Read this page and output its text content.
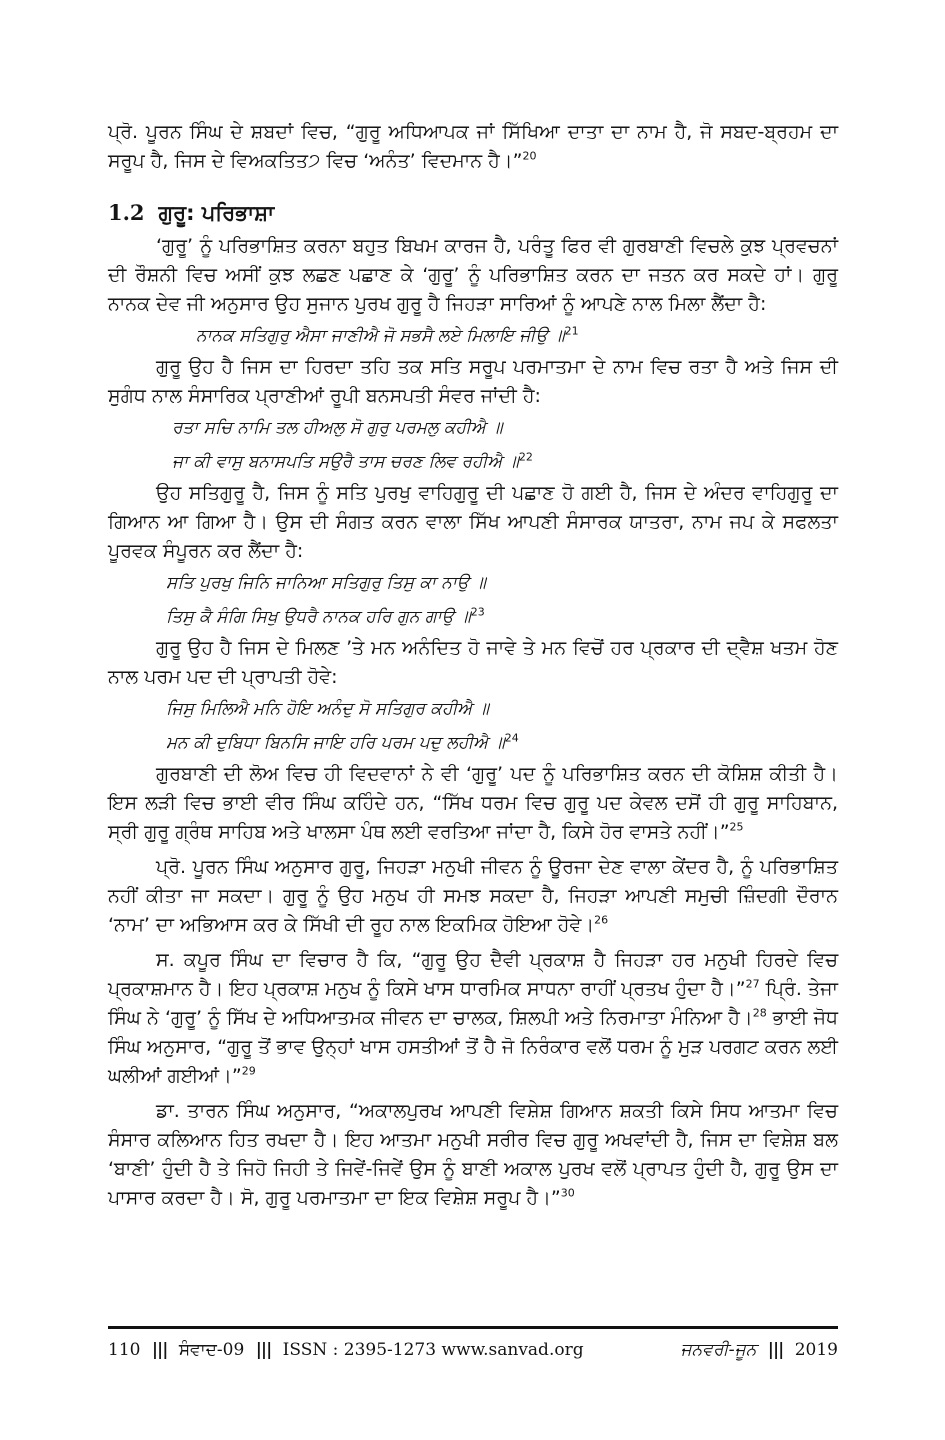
ਪ੍ਰੋ. ਪੂਰਨ ਸਿੰਘ ਦੇ ਸ਼ਬਦਾਂ ਵਿਚ, “ਗੁਰੂ ਅਧਿਆਪਕ ਜਾਂ ਸਿੱਖਿਆ ਦਾਤਾ ਦਾ ਨਾਮ ਹੈ, ਜੋ ਸਬਦ-ਬ੍ਰਹਮ ਦਾ ਸਰੂਪ ਹੈ, ਜਿਸ ਦੇ ਵਿਅਕਤਿਤ੭ ਵਿਚ ‘ਅਨੰਤ’ ਵਿਦਮਾਨ ਹੈ।”$^{20}$

1.2 ਗੁਰੂ: ਪਰਿਭਾਸ਼ਾ

‘ਗੁਰੂ’ ਨੂੰ ਪਰਿਭਾਸ਼ਿਤ ਕਰਨਾ ਬਹੁਤ ਬਿਖਮ ਕਾਰਜ ਹੈ, ਪਰੰਤੂ ਫਿਰ ਵੀ ਗੁਰਬਾਣੀ ਵਿਚਲੇ ਕੁਝ ਪ੍ਰਵਚਨਾਂ ਦੀ ਰੌਸ਼ਨੀ ਵਿਚ ਅਸੀਂ ਕੁਝ ਲਛਣ ਪਛਾਣ ਕੇ ‘ਗੁਰੂ’ ਨੂੰ ਪਰਿਭਾਸ਼ਿਤ ਕਰਨ ਦਾ ਜਤਨ ਕਰ ਸਕਦੇ ਹਾਂ। ਗੁਰੂ ਨਾਨਕ ਦੇਵ ਜੀ ਅਨੁਸਾਰ ਉਹ ਸੁਜਾਨ ਪੁਰਖ ਗੁਰੂ ਹੈ ਜਿਹੜਾ ਸਾਰਿਆਂ ਨੂੰ ਆਪਣੇ ਨਾਲ ਮਿਲਾ ਲੈਂਦਾ ਹੈ:

ਨਾਨਕ ਸਤਿਗੁਰੁ ਐਸਾ ਜਾਣੀਐ ਜੋ ਸਭਸੈ ਲਏ ਮਿਲਾਇ ਜੀਉ ॥$^{21}$

ਗੁਰੂ ਉਹ ਹੈ ਜਿਸ ਦਾ ਹਿਰਦਾ ਤਹਿ ਤਕ ਸਤਿ ਸਰੂਪ ਪਰਮਾਤਮਾ ਦੇ ਨਾਮ ਵਿਚ ਰਤਾ ਹੈ ਅਤੇ ਜਿਸ ਦੀ ਸੁਗੰਧ ਨਾਲ ਸੰਸਾਰਿਕ ਪ੍ਰਾਣੀਆਂ ਰੂਪੀ ਬਨਸਪਤੀ ਸੰਵਰ ਜਾਂਦੀ ਹੈ:

ਰਤਾ ਸਚਿ ਨਾਮਿ ਤਲ ਹੀਅਲੁ ਸੋ ਗੁਰੁ ਪਰਮਲੁ ਕਹੀਐ ॥

ਜਾ ਕੀ ਵਾਸੁ ਬਨਾਸਪਤਿ ਸਉਰੈ ਤਾਸ ਚਰਣ ਲਿਵ ਰਹੀਐ ॥$^{22}$

ਉਹ ਸਤਿਗੁਰੂ ਹੈ, ਜਿਸ ਨੂੰ ਸਤਿ ਪੁਰਖੁ ਵਾਹਿਗੁਰੂ ਦੀ ਪਛਾਣ ਹੋ ਗਈ ਹੈ, ਜਿਸ ਦੇ ਅੰਦਰ ਵਾਹਿਗੁਰੂ ਦਾ ਗਿਆਨ ਆ ਗਿਆ ਹੈ। ਉਸ ਦੀ ਸੰਗਤ ਕਰਨ ਵਾਲਾ ਸਿੱਖ ਆਪਣੀ ਸੰਸਾਰਕ ਯਾਤਰਾ, ਨਾਮ ਜਪ ਕੇ ਸਫਲਤਾ ਪੂਰਵਕ ਸੰਪੂਰਨ ਕਰ ਲੈਂਦਾ ਹੈ:

ਸਤਿ ਪੁਰਖੁ ਜਿਨਿ ਜਾਨਿਆ ਸਤਿਗੁਰੁ ਤਿਸੁ ਕਾ ਨਾਉ ॥

ਤਿਸੁ ਕੈ ਸੰਗਿ ਸਿਖੁ ਉਧਰੈ ਨਾਨਕ ਹਰਿ ਗੁਨ ਗਾਉ ॥$^{23}$

ਗੁਰੂ ਉਹ ਹੈ ਜਿਸ ਦੇ ਮਿਲਣ ’ਤੇ ਮਨ ਅਨੰਦਿਤ ਹੋ ਜਾਵੇ ਤੇ ਮਨ ਵਿਚੋਂ ਹਰ ਪ੍ਰਕਾਰ ਦੀ ਦ੍ਵੈਸ਼ ਖਤਮ ਹੋਣ ਨਾਲ ਪਰਮ ਪਦ ਦੀ ਪ੍ਰਾਪਤੀ ਹੋਵੇ:

ਜਿਸੁ ਮਿਲਿਐ ਮਨਿ ਹੋਇ ਅਨੰਦੁ ਸੋ ਸਤਿਗੁਰ ਕਹੀਐ ॥

ਮਨ ਕੀ ਦੁਬਿਧਾ ਬਿਨਸਿ ਜਾਇ ਹਰਿ ਪਰਮ ਪਦੁ ਲਹੀਐ ॥$^{24}$

ਗੁਰਬਾਣੀ ਦੀ ਲੋਅ ਵਿਚ ਹੀ ਵਿਦਵਾਨਾਂ ਨੇ ਵੀ ‘ਗੁਰੂ’ ਪਦ ਨੂੰ ਪਰਿਭਾਸ਼ਿਤ ਕਰਨ ਦੀ ਕੋਸ਼ਿਸ਼ ਕੀਤੀ ਹੈ। ਇਸ ਲੜੀ ਵਿਚ ਭਾਈ ਵੀਰ ਸਿੰਘ ਕਹਿੰਦੇ ਹਨ, “ਸਿੱਖ ਧਰਮ ਵਿਚ ਗੁਰੂ ਪਦ ਕੇਵਲ ਦਸੋਂ ਹੀ ਗੁਰੂ ਸਾਹਿਬਾਨ, ਸ੍ਰੀ ਗੁਰੂ ਗ੍ਰੰਥ ਸਾਹਿਬ ਅਤੇ ਖਾਲਸਾ ਪੰਥ ਲਈ ਵਰਤਿਆ ਜਾਂਦਾ ਹੈ, ਕਿਸੇ ਹੋਰ ਵਾਸਤੇ ਨਹੀਂ।”$^{25}$

ਪ੍ਰੋ. ਪੂਰਨ ਸਿੰਘ ਅਨੁਸਾਰ ਗੁਰੂ, ਜਿਹੜਾ ਮਨੁਖੀ ਜੀਵਨ ਨੂੰ ਊਰਜਾ ਦੇਣ ਵਾਲਾ ਕੇਂਦਰ ਹੈ, ਨੂੰ ਪਰਿਭਾਸ਼ਿਤ ਨਹੀਂ ਕੀਤਾ ਜਾ ਸਕਦਾ। ਗੁਰੂ ਨੂੰ ਉਹ ਮਨੁਖ ਹੀ ਸਮਝ ਸਕਦਾ ਹੈ, ਜਿਹੜਾ ਆਪਣੀ ਸਮੁਚੀ ਜ਼ਿੰਦਗੀ ਦੌਰਾਨ ‘ਨਾਮ’ ਦਾ ਅਭਿਆਸ ਕਰ ਕੇ ਸਿੱਖੀ ਦੀ ਰੂਹ ਨਾਲ ਇਕਮਿਕ ਹੋਇਆ ਹੋਵੇ।$^{26}$

ਸ. ਕਪੂਰ ਸਿੰਘ ਦਾ ਵਿਚਾਰ ਹੈ ਕਿ, “ਗੁਰੂ ਉਹ ਦੈਵੀ ਪ੍ਰਕਾਸ਼ ਹੈ ਜਿਹੜਾ ਹਰ ਮਨੁਖੀ ਹਿਰਦੇ ਵਿਚ ਪ੍ਰਕਾਸ਼ਮਾਨ ਹੈ। ਇਹ ਪ੍ਰਕਾਸ਼ ਮਨੁਖ ਨੂੰ ਕਿਸੇ ਖਾਸ ਧਾਰਮਿਕ ਸਾਧਨਾ ਰਾਹੀਂ ਪ੍ਰਤਖ ਹੁੰਦਾ ਹੈ।”$^{27}$ ਪ੍ਰਿੰ. ਤੇਜਾ ਸਿੰਘ ਨੇ ‘ਗੁਰੂ’ ਨੂੰ ਸਿੱਖ ਦੇ ਅਧਿਆਤਮਕ ਜੀਵਨ ਦਾ ਚਾਲਕ, ਸ਼ਿਲਪੀ ਅਤੇ ਨਿਰਮਾਤਾ ਮੰਨਿਆ ਹੈ।$^{28}$ ਭਾਈ ਜੋਧ ਸਿੰਘ ਅਨੁਸਾਰ, “ਗੁਰੂ ਤੋਂ ਭਾਵ ਉਨ੍ਹਾਂ ਖਾਸ ਹਸਤੀਆਂ ਤੋਂ ਹੈ ਜੋ ਨਿਰੰਕਾਰ ਵਲੋਂ ਧਰਮ ਨੂੰ ਮੁੜ ਪਰਗਟ ਕਰਨ ਲਈ ਘਲੀਆਂ ਗਈਆਂ।”$^{29}$

ਡਾ. ਤਾਰਨ ਸਿੰਘ ਅਨੁਸਾਰ, “ਅਕਾਲਪੁਰਖ ਆਪਣੀ ਵਿਸ਼ੇਸ਼ ਗਿਆਨ ਸ਼ਕਤੀ ਕਿਸੇ ਸਿਧ ਆਤਮਾ ਵਿਚ ਸੰਸਾਰ ਕਲਿਆਨ ਹਿਤ ਰਖਦਾ ਹੈ। ਇਹ ਆਤਮਾ ਮਨੁਖੀ ਸਰੀਰ ਵਿਚ ਗੁਰੂ ਅਖਵਾਂਦੀ ਹੈ, ਜਿਸ ਦਾ ਵਿਸ਼ੇਸ਼ ਬਲ ‘ਬਾਣੀ’ ਹੁੰਦੀ ਹੈ ਤੇ ਜਿਹੋ ਜਿਹੀ ਤੇ ਜਿਵੇਂ-ਜਿਵੇਂ ਉਸ ਨੂੰ ਬਾਣੀ ਅਕਾਲ ਪੁਰਖ ਵਲੋਂ ਪ੍ਰਾਪਤ ਹੁੰਦੀ ਹੈ, ਗੁਰੂ ਉਸ ਦਾ ਪਾਸਾਰ ਕਰਦਾ ਹੈ। ਸੋ, ਗੁਰੂ ਪਰਮਾਤਮਾ ਦਾ ਇਕ ਵਿਸ਼ੇਸ਼ ਸਰੂਪ ਹੈ।”$^{30}$

110 ||| ਸੰਵਾਦ-09 ||| ISSN : 2395-1273 www.sanvad.org	ਜਨਵਰੀ-ਜੂਨ ||| 2019
